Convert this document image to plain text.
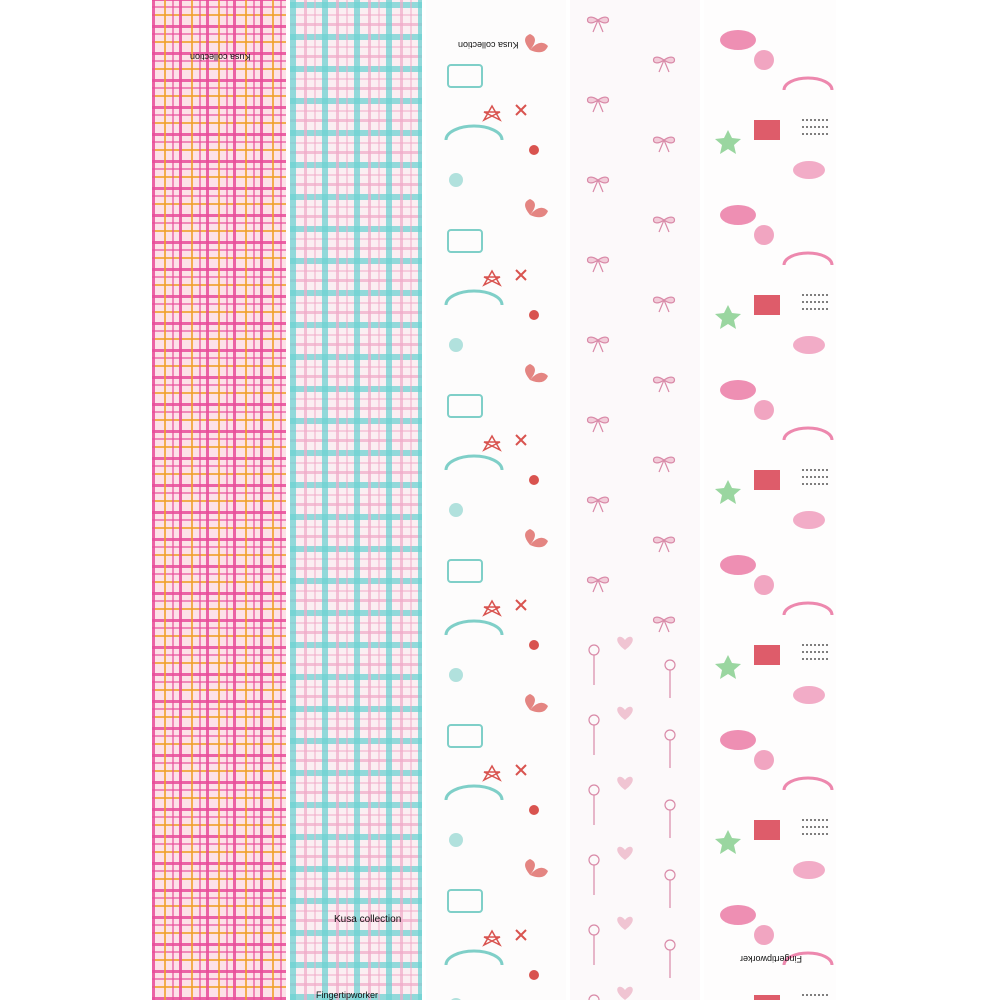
Kusa collection
Kusa collection
Fingertipworker
Kusa collection
Fingertipworker
